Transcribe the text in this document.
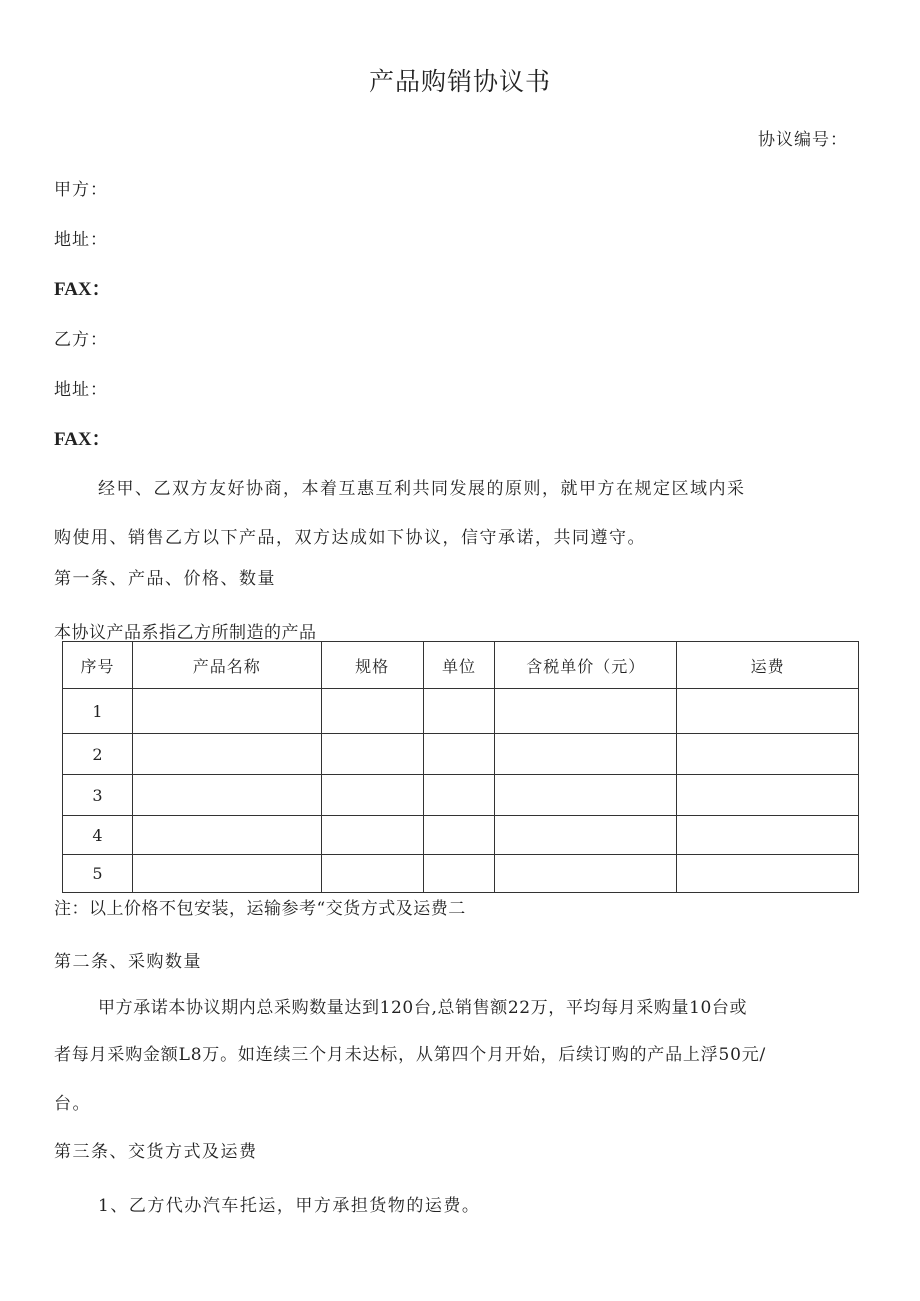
产品购销协议书
协议编号：
甲方：
地址：
FAX：
乙方：
地址：
FAX：
经甲、乙双方友好协商，本着互惠互利共同发展的原则，就甲方在规定区域内采
购使用、销售乙方以下产品，双方达成如下协议，信守承诺，共同遵守。
第一条、产品、价格、数量
本协议产品系指乙方所制造的产品
序号	产品名称	规格	单位	含税单价（元）	运费
1					
2					
3					
4					
5					
注：以上价格不包安装，运输参考“交货方式及运费二
第二条、采购数量
甲方承诺本协议期内总采购数量达到120台,总销售额22万，平均每月采购量10台或
者每月采购金额L8万。如连续三个月未达标，从第四个月开始，后续订购的产品上浮50元/
台。
第三条、交货方式及运费
1、乙方代办汽车托运，甲方承担货物的运费。
